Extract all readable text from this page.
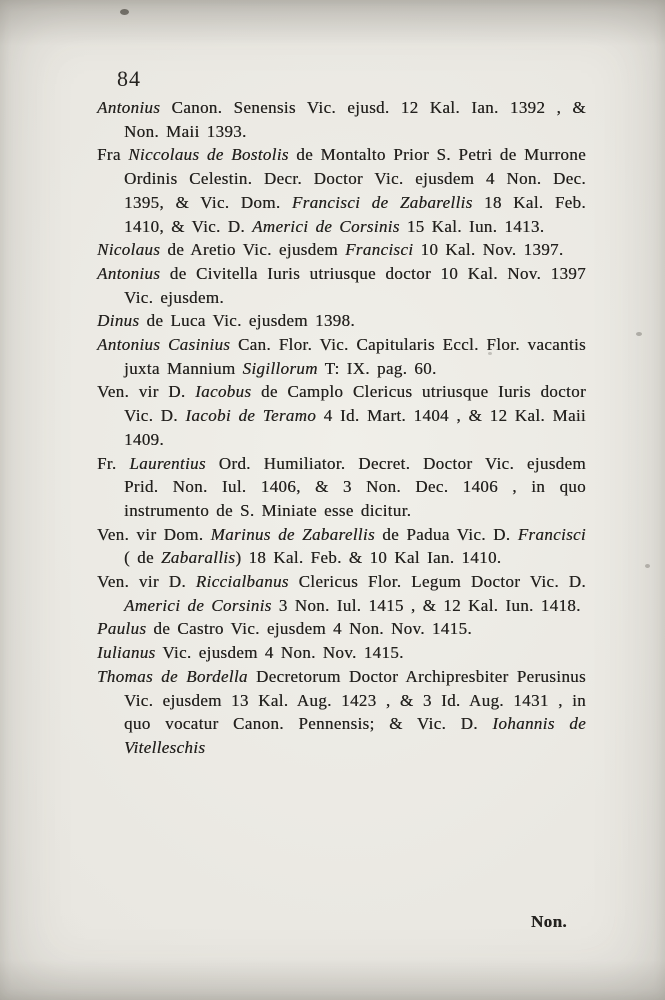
84

Antonius Canon. Senensis Vic. ejusd. 12 Kal. Ian. 1392 , & Non. Maii 1393.

Fra Niccolaus de Bostolis de Montalto Prior S. Petri de Murrone Ordinis Celestin. Decr. Doctor Vic. ejusdem 4 Non. Dec. 1395, & Vic. Dom. Francisci de Zabarellis 18 Kal. Feb. 1410, & Vic. D. Americi de Corsinis 15 Kal. Iun. 1413.

Nicolaus de Aretio Vic. ejusdem Francisci 10 Kal. Nov. 1397.

Antonius de Civitella Iuris utriusque doctor 10 Kal. Nov. 1397 Vic. ejusdem.

Dinus de Luca Vic. ejusdem 1398.

Antonius Casinius Can. Flor. Vic. Capitularis Eccl. Flor. vacantis juxta Mannium Sigillorum T: IX. pag. 60.

Ven. vir D. Iacobus de Camplo Clericus utriusque Iuris doctor Vic. D. Iacobi de Teramo 4 Id. Mart. 1404 , & 12 Kal. Maii 1409.

Fr. Laurentius Ord. Humiliator. Decret. Doctor Vic. ejusdem Prid. Non. Iul. 1406, & 3 Non. Dec. 1406 , in quo instrumento de S. Miniate esse dicitur.

Ven. vir Dom. Marinus de Zabarellis de Padua Vic. D. Francisci ( de Zabarallis) 18 Kal. Feb. & 10 Kal Ian. 1410.

Ven. vir D. Riccialbanus Clericus Flor. Legum Doctor Vic. D. Americi de Corsinis 3 Non. Iul. 1415 , & 12 Kal. Iun. 1418.

Paulus de Castro Vic. ejusdem 4 Non. Nov. 1415.

Iulianus Vic. ejusdem 4 Non. Nov. 1415.

Thomas de Bordella Decretorum Doctor Archipresbiter Perusinus Vic. ejusdem 13 Kal. Aug. 1423 , & 3 Id. Aug. 1431 , in quo vocatur Canon. Pennensis; & Vic. D. Iohannis de Vitelleschis

Non.
